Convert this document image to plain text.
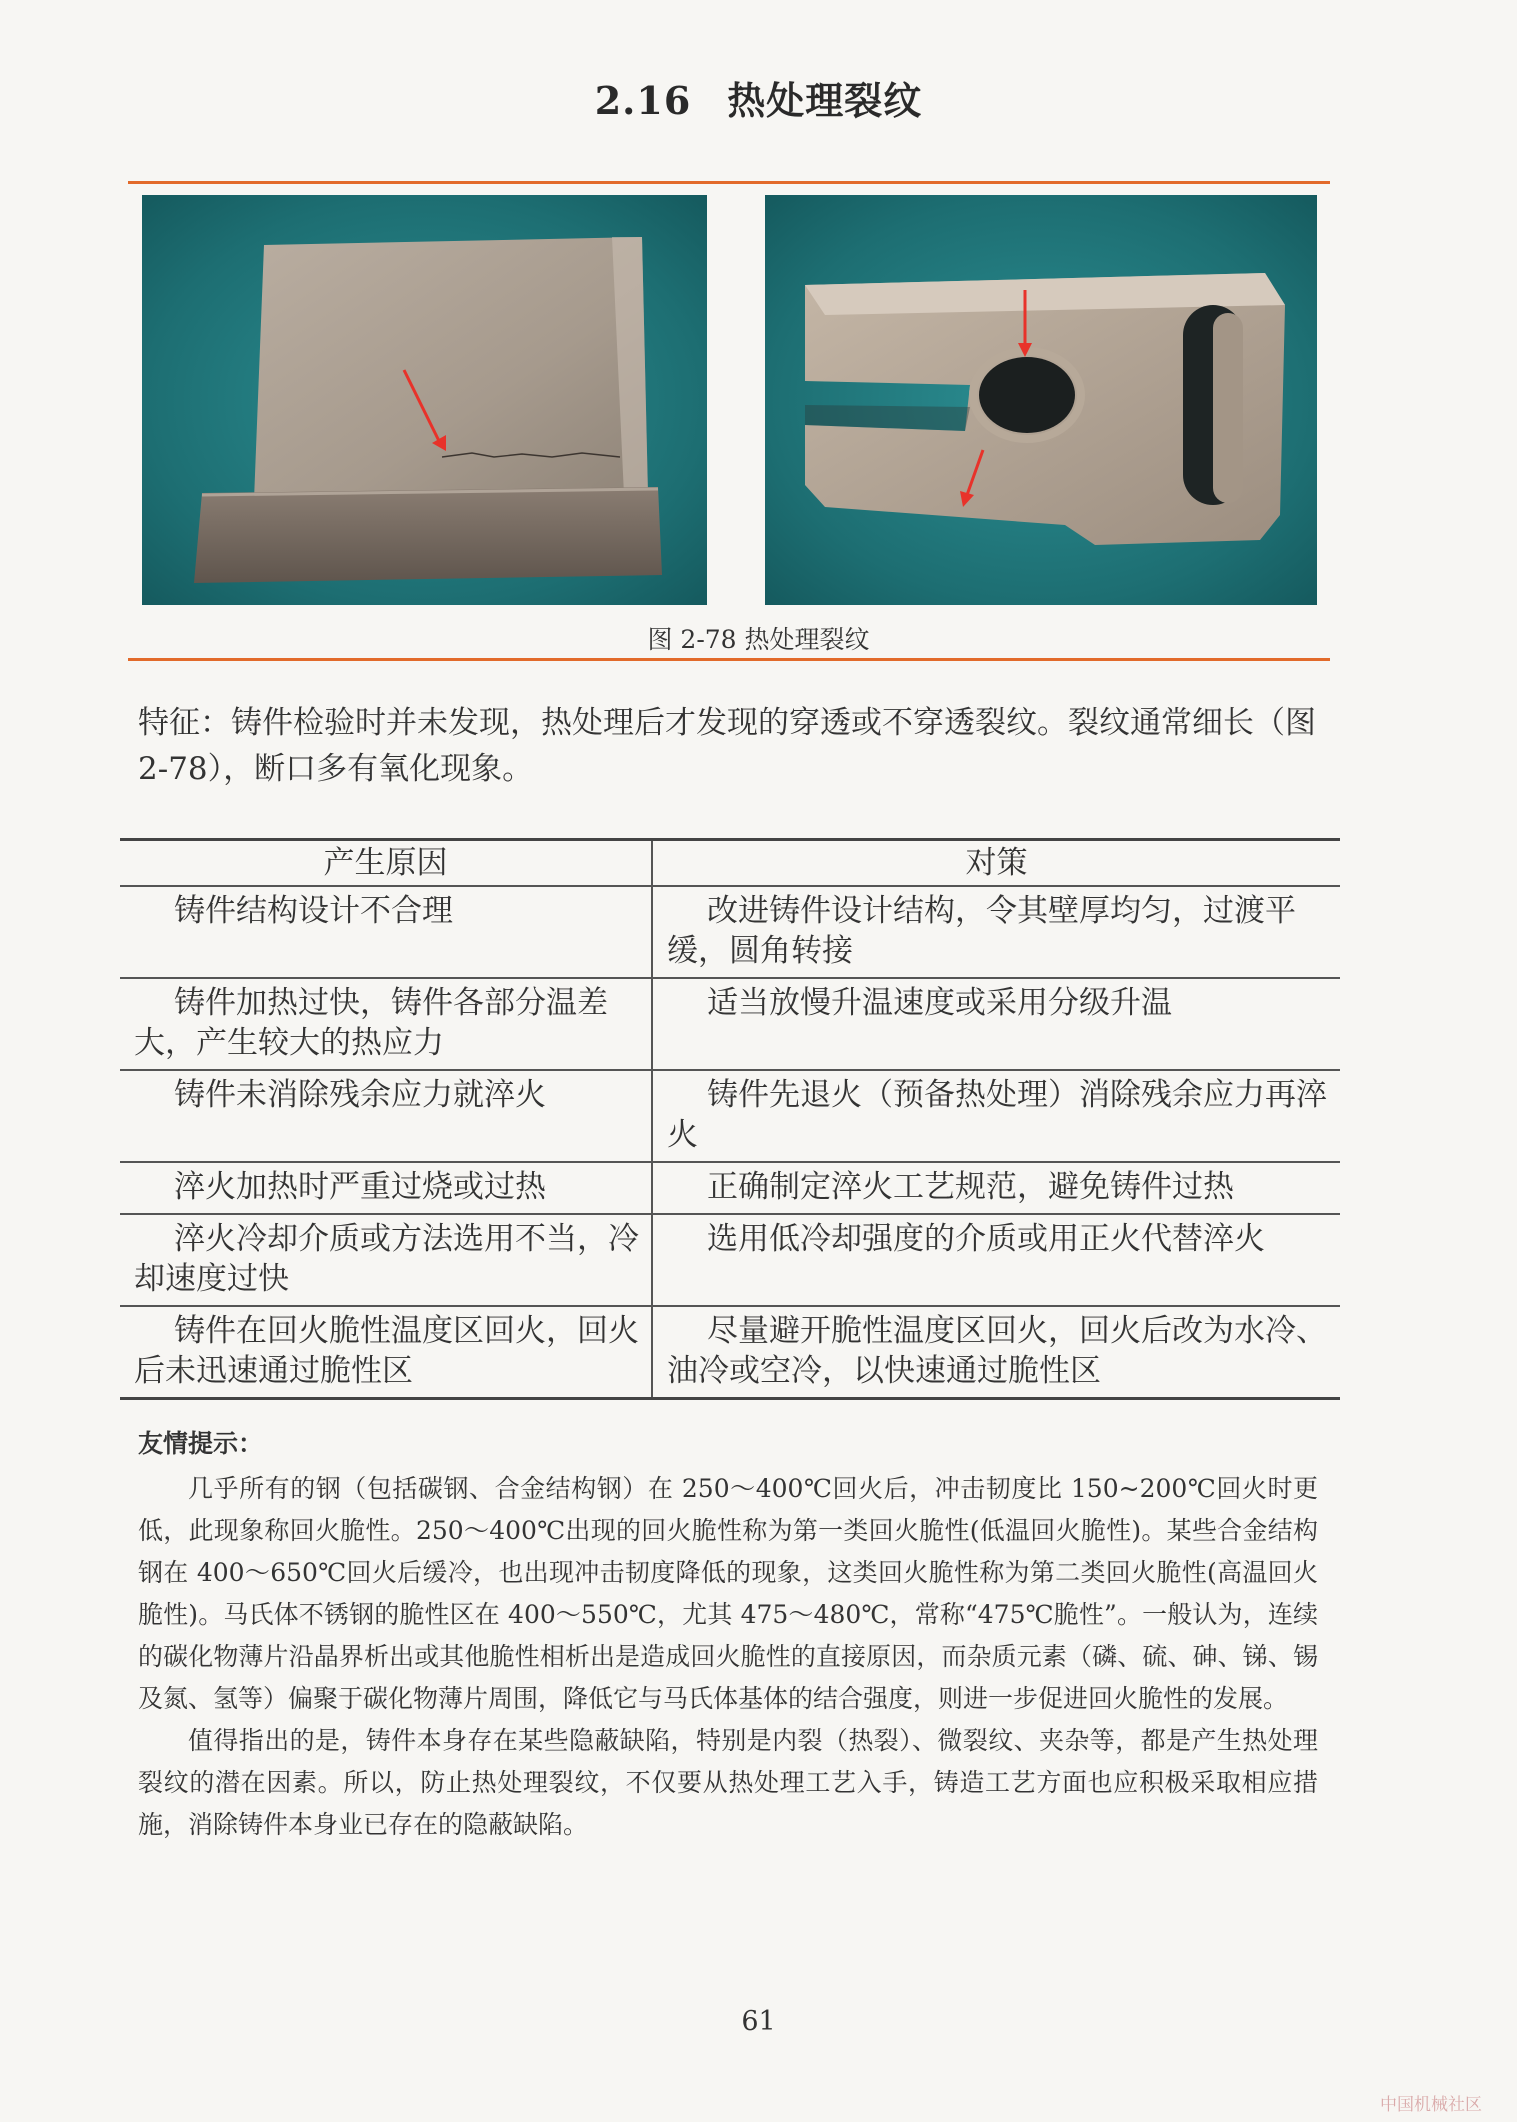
2.16 热处理裂纹
图 2-78 热处理裂纹
特征：铸件检验时并未发现，热处理后才发现的穿透或不穿透裂纹。裂纹通常细长（图 2-78），断口多有氧化现象。
产生原因	对策
铸件结构设计不合理	改进铸件设计结构，令其壁厚均匀，过渡平缓，圆角转接
铸件加热过快，铸件各部分温差大，产生较大的热应力	适当放慢升温速度或采用分级升温
铸件未消除残余应力就淬火	铸件先退火（预备热处理）消除残余应力再淬火
淬火加热时严重过烧或过热	正确制定淬火工艺规范，避免铸件过热
淬火冷却介质或方法选用不当，冷却速度过快	选用低冷却强度的介质或用正火代替淬火
铸件在回火脆性温度区回火，回火后未迅速通过脆性区	尽量避开脆性温度区回火，回火后改为水冷、油冷或空冷，以快速通过脆性区
友情提示：

几乎所有的钢（包括碳钢、合金结构钢）在 250～400℃回火后，冲击韧度比 150~200℃回火时更低，此现象称回火脆性。250～400℃出现的回火脆性称为第一类回火脆性(低温回火脆性)。某些合金结构钢在 400～650℃回火后缓冷，也出现冲击韧度降低的现象，这类回火脆性称为第二类回火脆性(高温回火脆性)。马氏体不锈钢的脆性区在 400～550℃，尤其 475～480℃，常称“475℃脆性”。一般认为，连续的碳化物薄片沿晶界析出或其他脆性相析出是造成回火脆性的直接原因，而杂质元素（磷、硫、砷、锑、锡及氮、氢等）偏聚于碳化物薄片周围，降低它与马氏体基体的结合强度，则进一步促进回火脆性的发展。

值得指出的是，铸件本身存在某些隐蔽缺陷，特别是内裂（热裂）、微裂纹、夹杂等，都是产生热处理裂纹的潜在因素。所以，防止热处理裂纹，不仅要从热处理工艺入手，铸造工艺方面也应积极采取相应措施，消除铸件本身业已存在的隐蔽缺陷。

61
中国机械社区
